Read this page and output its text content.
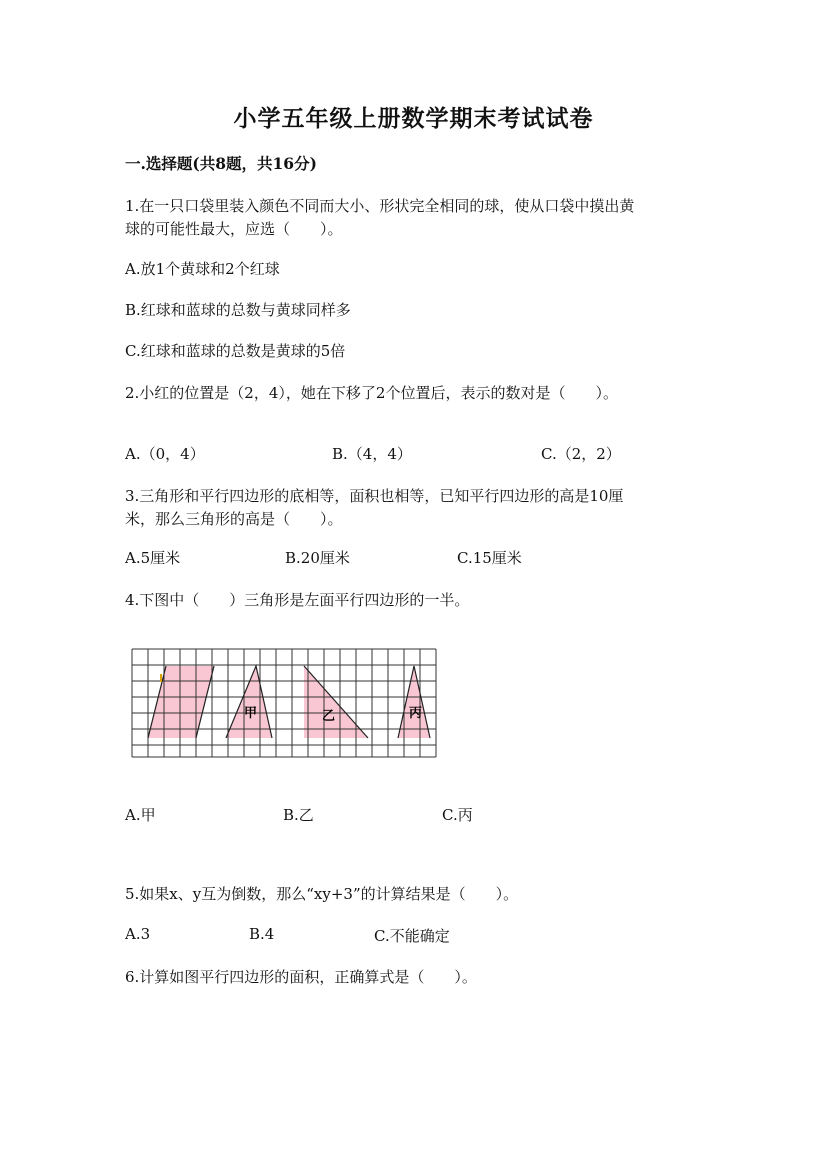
小学五年级上册数学期末考试试卷
一.选择题(共8题，共16分)
1.在一只口袋里装入颜色不同而大小、形状完全相同的球，使从口袋中摸出黄
球的可能性最大，应选（　　）。
A.放1个黄球和2个红球
B.红球和蓝球的总数与黄球同样多
C.红球和蓝球的总数是黄球的5倍
2.小红的位置是（2，4），她在下移了2个位置后，表示的数对是（　　）。
A.（0，4）	B.（4，4）	C.（2，2）
3.三角形和平行四边形的底相等，面积也相等，已知平行四边形的高是10厘
米，那么三角形的高是（　　）。
A.5厘米	B.20厘米	C.15厘米
4.下图中（　　）三角形是左面平行四边形的一半。
甲	乙	丙
A.甲	B.乙	C.丙
5.如果x、y互为倒数，那么“xy+3”的计算结果是（　　）。
A.3	B.4	C.不能确定
6.计算如图平行四边形的面积，正确算式是（　　）。
